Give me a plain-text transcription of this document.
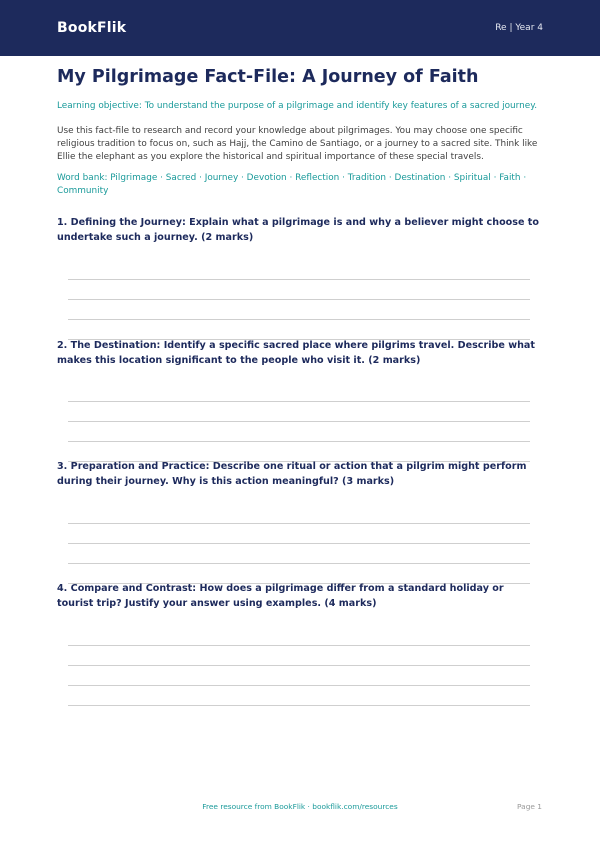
BookFlik	Re | Year 4
My Pilgrimage Fact-File: A Journey of Faith

Learning objective: To understand the purpose of a pilgrimage and identify key features of a sacred journey.

Use this fact-file to research and record your knowledge about pilgrimages. You may choose one specific religious tradition to focus on, such as Hajj, the Camino de Santiago, or a journey to a sacred site. Think like Ellie the elephant as you explore the historical and spiritual importance of these special travels.

Word bank: Pilgrimage · Sacred · Journey · Devotion · Reflection · Tradition · Destination · Spiritual · Faith · Community

1. Defining the Journey: Explain what a pilgrimage is and why a believer might choose to undertake such a journey. (2 marks)

2. The Destination: Identify a specific sacred place where pilgrims travel. Describe what makes this location significant to the people who visit it. (2 marks)

3. Preparation and Practice: Describe one ritual or action that a pilgrim might perform during their journey. Why is this action meaningful? (3 marks)

4. Compare and Contrast: How does a pilgrimage differ from a standard holiday or tourist trip? Justify your answer using examples. (4 marks)

Free resource from BookFlik · bookflik.com/resources	Page 1
